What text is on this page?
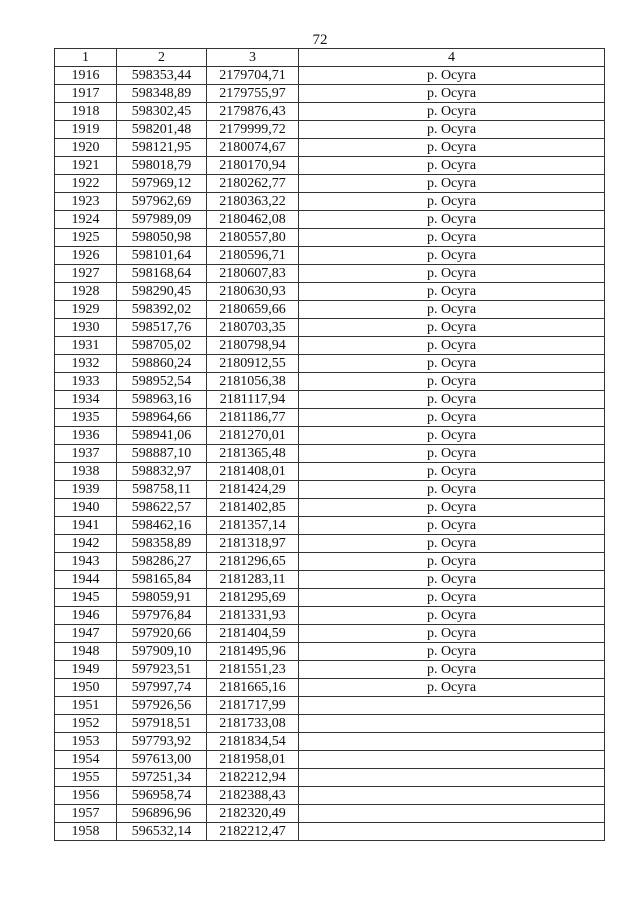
72
1	2	3	4
1916	598353,44	2179704,71	р. Осуга
1917	598348,89	2179755,97	р. Осуга
1918	598302,45	2179876,43	р. Осуга
1919	598201,48	2179999,72	р. Осуга
1920	598121,95	2180074,67	р. Осуга
1921	598018,79	2180170,94	р. Осуга
1922	597969,12	2180262,77	р. Осуга
1923	597962,69	2180363,22	р. Осуга
1924	597989,09	2180462,08	р. Осуга
1925	598050,98	2180557,80	р. Осуга
1926	598101,64	2180596,71	р. Осуга
1927	598168,64	2180607,83	р. Осуга
1928	598290,45	2180630,93	р. Осуга
1929	598392,02	2180659,66	р. Осуга
1930	598517,76	2180703,35	р. Осуга
1931	598705,02	2180798,94	р. Осуга
1932	598860,24	2180912,55	р. Осуга
1933	598952,54	2181056,38	р. Осуга
1934	598963,16	2181117,94	р. Осуга
1935	598964,66	2181186,77	р. Осуга
1936	598941,06	2181270,01	р. Осуга
1937	598887,10	2181365,48	р. Осуга
1938	598832,97	2181408,01	р. Осуга
1939	598758,11	2181424,29	р. Осуга
1940	598622,57	2181402,85	р. Осуга
1941	598462,16	2181357,14	р. Осуга
1942	598358,89	2181318,97	р. Осуга
1943	598286,27	2181296,65	р. Осуга
1944	598165,84	2181283,11	р. Осуга
1945	598059,91	2181295,69	р. Осуга
1946	597976,84	2181331,93	р. Осуга
1947	597920,66	2181404,59	р. Осуга
1948	597909,10	2181495,96	р. Осуга
1949	597923,51	2181551,23	р. Осуга
1950	597997,74	2181665,16	р. Осуга
1951	597926,56	2181717,99	
1952	597918,51	2181733,08	
1953	597793,92	2181834,54	
1954	597613,00	2181958,01	
1955	597251,34	2182212,94	
1956	596958,74	2182388,43	
1957	596896,96	2182320,49	
1958	596532,14	2182212,47	
